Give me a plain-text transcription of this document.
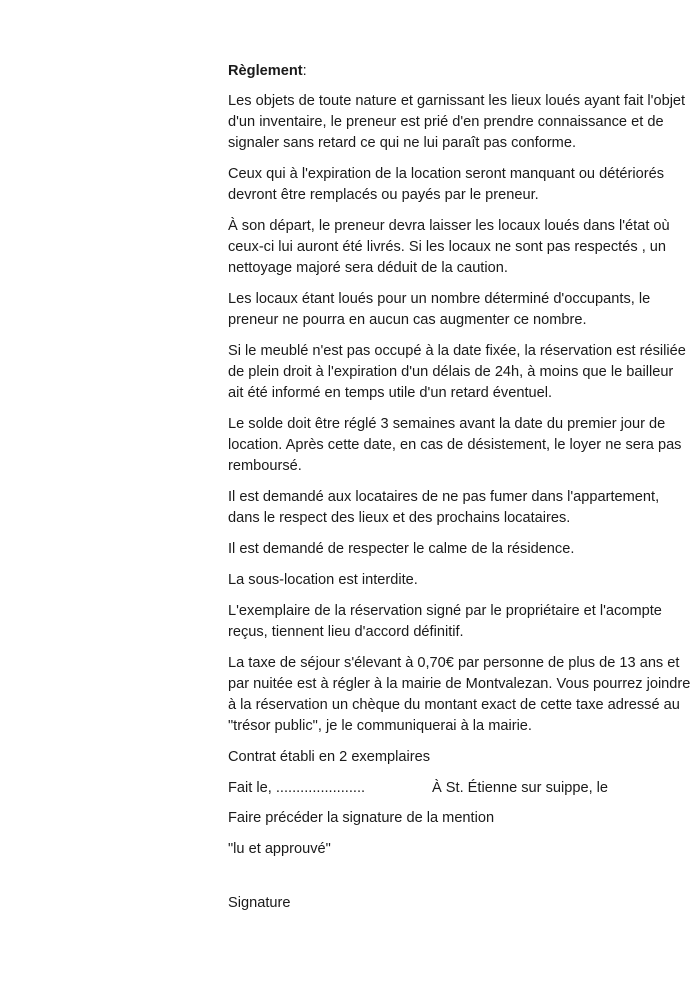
Règlement:
Les objets de toute nature et garnissant les lieux loués ayant fait l'objet
d'un inventaire, le preneur est prié d'en prendre connaissance et de
signaler sans retard ce qui ne lui paraît pas conforme.
Ceux qui à l'expiration de la location seront manquant ou détériorés
devront être remplacés ou payés par le preneur.
À son départ, le preneur devra laisser les locaux loués dans l'état où
ceux-ci lui auront été livrés. Si les locaux ne sont pas respectés , un
nettoyage majoré sera déduit de la caution.
Les locaux étant loués pour un nombre déterminé d'occupants, le
preneur ne pourra en aucun cas augmenter ce nombre.
Si le meublé n'est pas occupé à la date fixée, la réservation est résiliée
de plein droit à l'expiration d'un délais de 24h, à moins que le bailleur
ait été informé en temps utile d'un retard éventuel.
Le solde doit être réglé 3 semaines avant la date du premier jour de
location. Après cette date, en cas de désistement, le loyer ne sera pas
remboursé.
Il est demandé aux locataires de ne pas fumer dans l'appartement,
dans le respect des lieux et des prochains locataires.
Il est demandé de respecter le calme de la résidence.
La sous-location est interdite.
L'exemplaire de la réservation signé par le propriétaire et l'acompte
reçus, tiennent lieu d'accord définitif.
La taxe de séjour s'élevant à 0,70€ par personne de plus de 13 ans et
par nuitée est à régler à la mairie de Montvalezan. Vous pourrez joindre
à la réservation un chèque du montant exact de cette taxe adressé au
"trésor public", je le communiquerai à la mairie.
Contrat établi en 2 exemplaires
Fait le, ......................	À St. Étienne sur suippe, le
Faire précéder la signature de la mention
"lu et approuvé"
Signature
